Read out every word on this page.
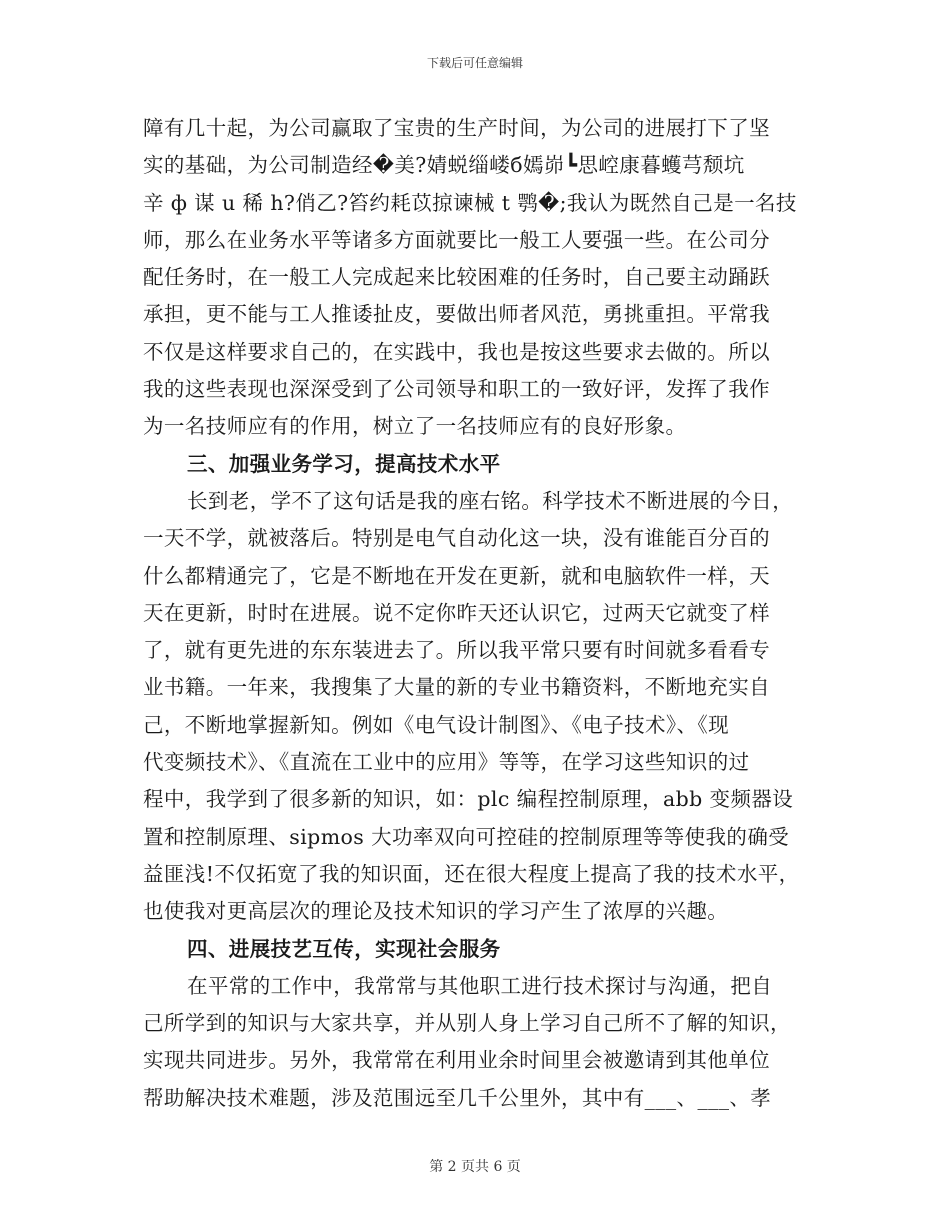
下载后可任意编辑
障有几十起，为公司赢取了宝贵的生产时间，为公司的进展打下了坚
实的基础，为公司制造经�美?婧蜕缁嵝б嫣峁┗思崆康暮蠖芎颓坑
辛 ф 谋 u 稀 h?俏乙?笞约耗苡掠谏械 t 鹗�;我认为既然自己是一名技
师，那么在业务水平等诸多方面就要比一般工人要强一些。在公司分
配任务时，在一般工人完成起来比较困难的任务时，自己要主动踊跃
承担，更不能与工人推诿扯皮，要做出师者风范，勇挑重担。平常我
不仅是这样要求自己的，在实践中，我也是按这些要求去做的。所以
我的这些表现也深深受到了公司领导和职工的一致好评，发挥了我作
为一名技师应有的作用，树立了一名技师应有的良好形象。
三、加强业务学习，提高技术水平
长到老，学不了这句话是我的座右铭。科学技术不断进展的今日，
一天不学，就被落后。特别是电气自动化这一块，没有谁能百分百的
什么都精通完了，它是不断地在开发在更新，就和电脑软件一样，天
天在更新，时时在进展。说不定你昨天还认识它，过两天它就变了样
了，就有更先进的东东装进去了。所以我平常只要有时间就多看看专
业书籍。一年来，我搜集了大量的新的专业书籍资料，不断地充实自
己，不断地掌握新知。例如《电气设计制图》、《电子技术》、《现
代变频技术》、《直流在工业中的应用》等等，在学习这些知识的过
程中，我学到了很多新的知识，如：plc 编程控制原理，abb 变频器设
置和控制原理、sipmos 大功率双向可控硅的控制原理等等使我的确受
益匪浅!不仅拓宽了我的知识面，还在很大程度上提高了我的技术水平，
也使我对更高层次的理论及技术知识的学习产生了浓厚的兴趣。
四、进展技艺互传，实现社会服务
在平常的工作中，我常常与其他职工进行技术探讨与沟通，把自
己所学到的知识与大家共享，并从别人身上学习自己所不了解的知识，
实现共同进步。另外，我常常在利用业余时间里会被邀请到其他单位
帮助解决技术难题，涉及范围远至几千公里外，其中有___、___、孝
第 2 页共 6 页
